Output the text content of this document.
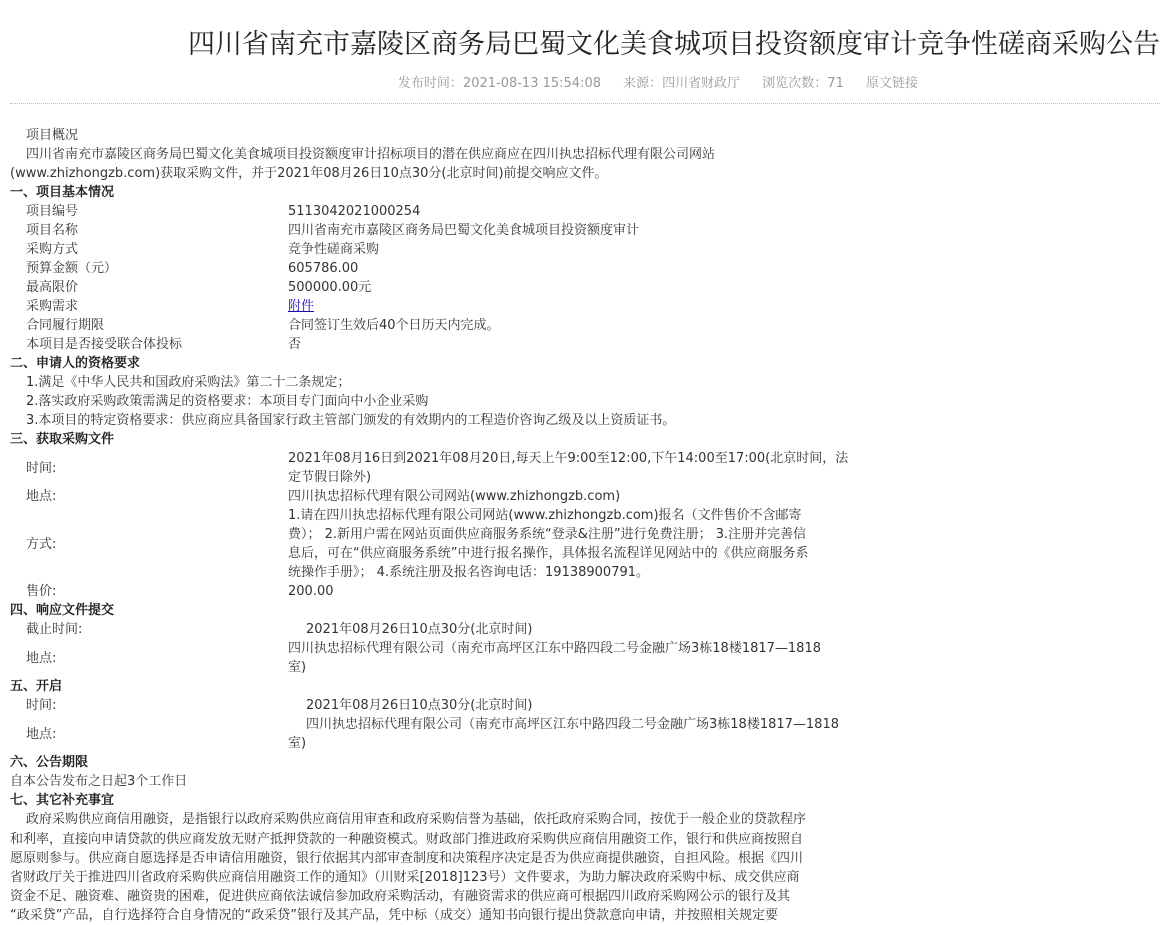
四川省南充市嘉陵区商务局巴蜀文化美食城项目投资额度审计竞争性磋商采购公告
发布时间：2021-08-13 15:54:08 来源：四川省财政厅 浏览次数：71 原文链接
项目概况
四川省南充市嘉陵区商务局巴蜀文化美食城项目投资额度审计招标项目的潜在供应商应在四川执忠招标代理有限公司网站
(www.zhizhongzb.com)获取采购文件，并于2021年08月26日10点30分(北京时间)前提交响应文件。
一、项目基本情况
项目编号	5113042021000254
项目名称	四川省南充市嘉陵区商务局巴蜀文化美食城项目投资额度审计
采购方式	竞争性磋商采购
预算金额（元）	605786.00
最高限价	500000.00元
采购需求	附件
合同履行期限	合同签订生效后40个日历天内完成。
本项目是否接受联合体投标	否
二、申请人的资格要求
1.满足《中华人民共和国政府采购法》第二十二条规定；
2.落实政府采购政策需满足的资格要求：本项目专门面向中小企业采购
3.本项目的特定资格要求：供应商应具备国家行政主管部门颁发的有效期内的工程造价咨询乙级及以上资质证书。
三、获取采购文件
时间:
2021年08月16日到2021年08月20日,每天上午9:00至12:00,下午14:00至17:00(北京时间，法
定节假日除外)
地点:	四川执忠招标代理有限公司网站(www.zhizhongzb.com)
方式:
1.请在四川执忠招标代理有限公司网站(www.zhizhongzb.com)报名（文件售价不含邮寄
费）； 2.新用户需在网站页面供应商服务系统“登录&注册”进行免费注册； 3.注册并完善信
息后，可在“供应商服务系统”中进行报名操作，具体报名流程详见网站中的《供应商服务系
统操作手册》； 4.系统注册及报名咨询电话：19138900791。
售价:	200.00
四、响应文件提交
截止时间:	2021年08月26日10点30分(北京时间)
地点:
四川执忠招标代理有限公司（南充市高坪区江东中路四段二号金融广场3栋18楼1817—1818
室)
五、开启
时间:	2021年08月26日10点30分(北京时间)
地点:
四川执忠招标代理有限公司（南充市高坪区江东中路四段二号金融广场3栋18楼1817—1818
室)
六、公告期限
自本公告发布之日起3个工作日
七、其它补充事宜
政府采购供应商信用融资，是指银行以政府采购供应商信用审查和政府采购信誉为基础，依托政府采购合同，按优于一般企业的贷款程序
和利率，直接向申请贷款的供应商发放无财产抵押贷款的一种融资模式。财政部门推进政府采购供应商信用融资工作，银行和供应商按照自
愿原则参与。供应商自愿选择是否申请信用融资，银行依据其内部审查制度和决策程序决定是否为供应商提供融资，自担风险。根据《四川
省财政厅关于推进四川省政府采购供应商信用融资工作的通知》（川财采[2018]123号）文件要求，为助力解决政府采购中标、成交供应商
资金不足、融资难、融资贵的困难，促进供应商依法诚信参加政府采购活动，有融资需求的供应商可根据四川政府采购网公示的银行及其
“政采贷”产品，自行选择符合自身情况的“政采贷”银行及其产品，凭中标（成交）通知书向银行提出贷款意向申请，并按照相关规定要
